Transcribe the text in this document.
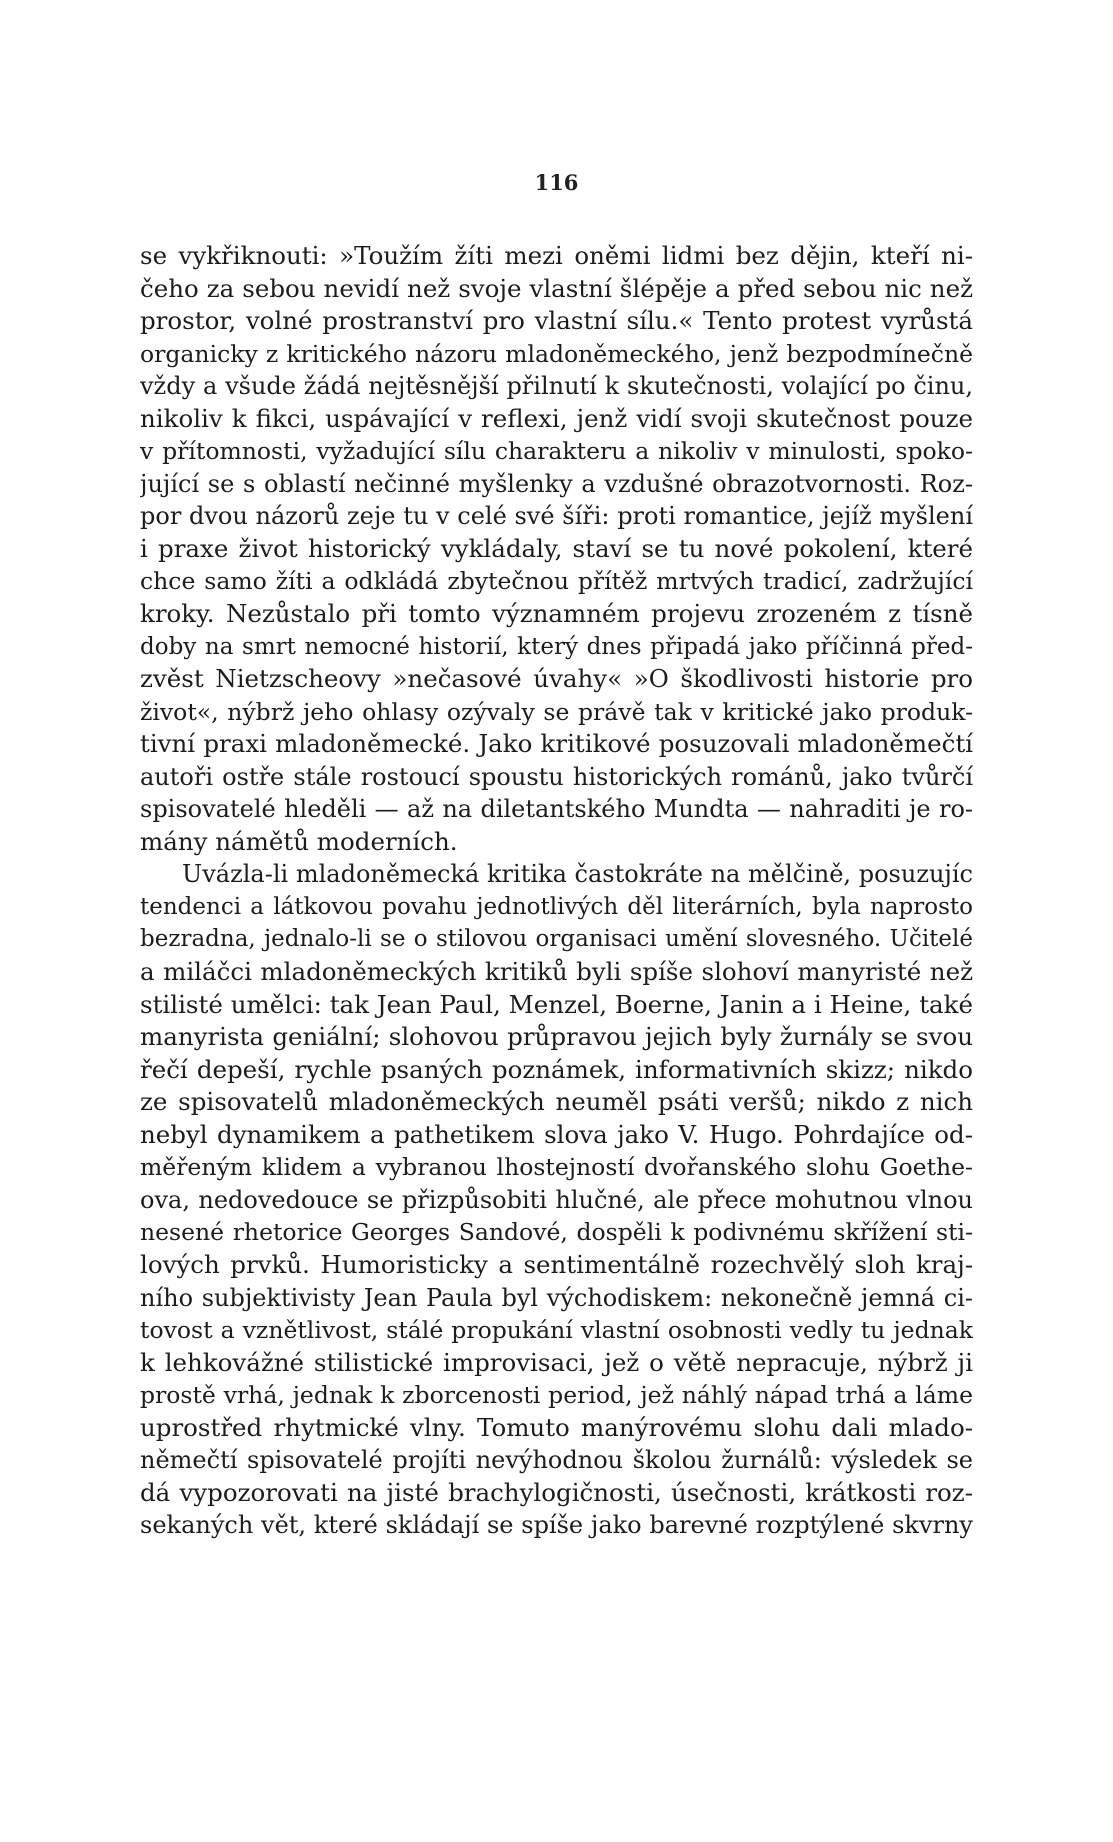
116
se vykřiknouti: »Toužím žíti mezi oněmi lidmi bez dějin, kteří ni-
čeho za sebou nevidí než svoje vlastní šlépěje a před sebou nic než
prostor, volné prostranství pro vlastní sílu.« Tento protest vyrůstá
organicky z kritického názoru mladoněmeckého, jenž bezpodmínečně
vždy a všude žádá nejtěsnější přilnutí k skutečnosti, volající po činu,
nikoliv k fikci, uspávající v reflexi, jenž vidí svoji skutečnost pouze
v přítomnosti, vyžadující sílu charakteru a nikoliv v minulosti, spoko-
jující se s oblastí nečinné myšlenky a vzdušné obrazotvornosti. Roz-
por dvou názorů zeje tu v celé své šíři: proti romantice, jejíž myšlení
i praxe život historický vykládaly, staví se tu nové pokolení, které
chce samo žíti a odkládá zbytečnou přítěž mrtvých tradicí, zadržující
kroky. Nezůstalo při tomto významném projevu zrozeném z tísně
doby na smrt nemocné historií, který dnes připadá jako příčinná před-
zvěst Nietzscheovy »nečasové úvahy« »O škodlivosti historie pro
život«, nýbrž jeho ohlasy ozývaly se právě tak v kritické jako produk-
tivní praxi mladoněmecké. Jako kritikové posuzovali mladoněmečtí
autoři ostře stále rostoucí spoustu historických románů, jako tvůrčí
spisovatelé hleděli — až na diletantského Mundta — nahraditi je ro-
mány námětů moderních.
Uvázla-li mladoněmecká kritika častokráte na mělčině, posuzujíc
tendenci a látkovou povahu jednotlivých děl literárních, byla naprosto
bezradna, jednalo-li se o stilovou organisaci umění slovesného. Učitelé
a miláčci mladoněmeckých kritiků byli spíše slohoví manyristé než
stilisté umělci: tak Jean Paul, Menzel, Boerne, Janin a i Heine, také
manyrista geniální; slohovou průpravou jejich byly žurnály se svou
řečí depeší, rychle psaných poznámek, informativních skizz; nikdo
ze spisovatelů mladoněmeckých neuměl psáti veršů; nikdo z nich
nebyl dynamikem a pathetikem slova jako V. Hugo. Pohrdajíce od-
měřeným klidem a vybranou lhostejností dvořanského slohu Goethe-
ova, nedovedouce se přizpůsobiti hlučné, ale přece mohutnou vlnou
nesené rhetorice Georges Sandové, dospěli k podivnému skřížení sti-
lových prvků. Humoristicky a sentimentálně rozechvělý sloh kraj-
ního subjektivisty Jean Paula byl východiskem: nekonečně jemná ci-
tovost a vznětlivost, stálé propukání vlastní osobnosti vedly tu jednak
k lehkovážné stilistické improvisaci, jež o větě nepracuje, nýbrž ji
prostě vrhá, jednak k zborcenosti period, jež náhlý nápad trhá a láme
uprostřed rhytmické vlny. Tomuto manýrovému slohu dali mlado-
němečtí spisovatelé projíti nevýhodnou školou žurnálů: výsledek se
dá vypozorovati na jisté brachylogičnosti, úsečnosti, krátkosti roz-
sekaných vět, které skládají se spíše jako barevné rozptýlené skvrny
